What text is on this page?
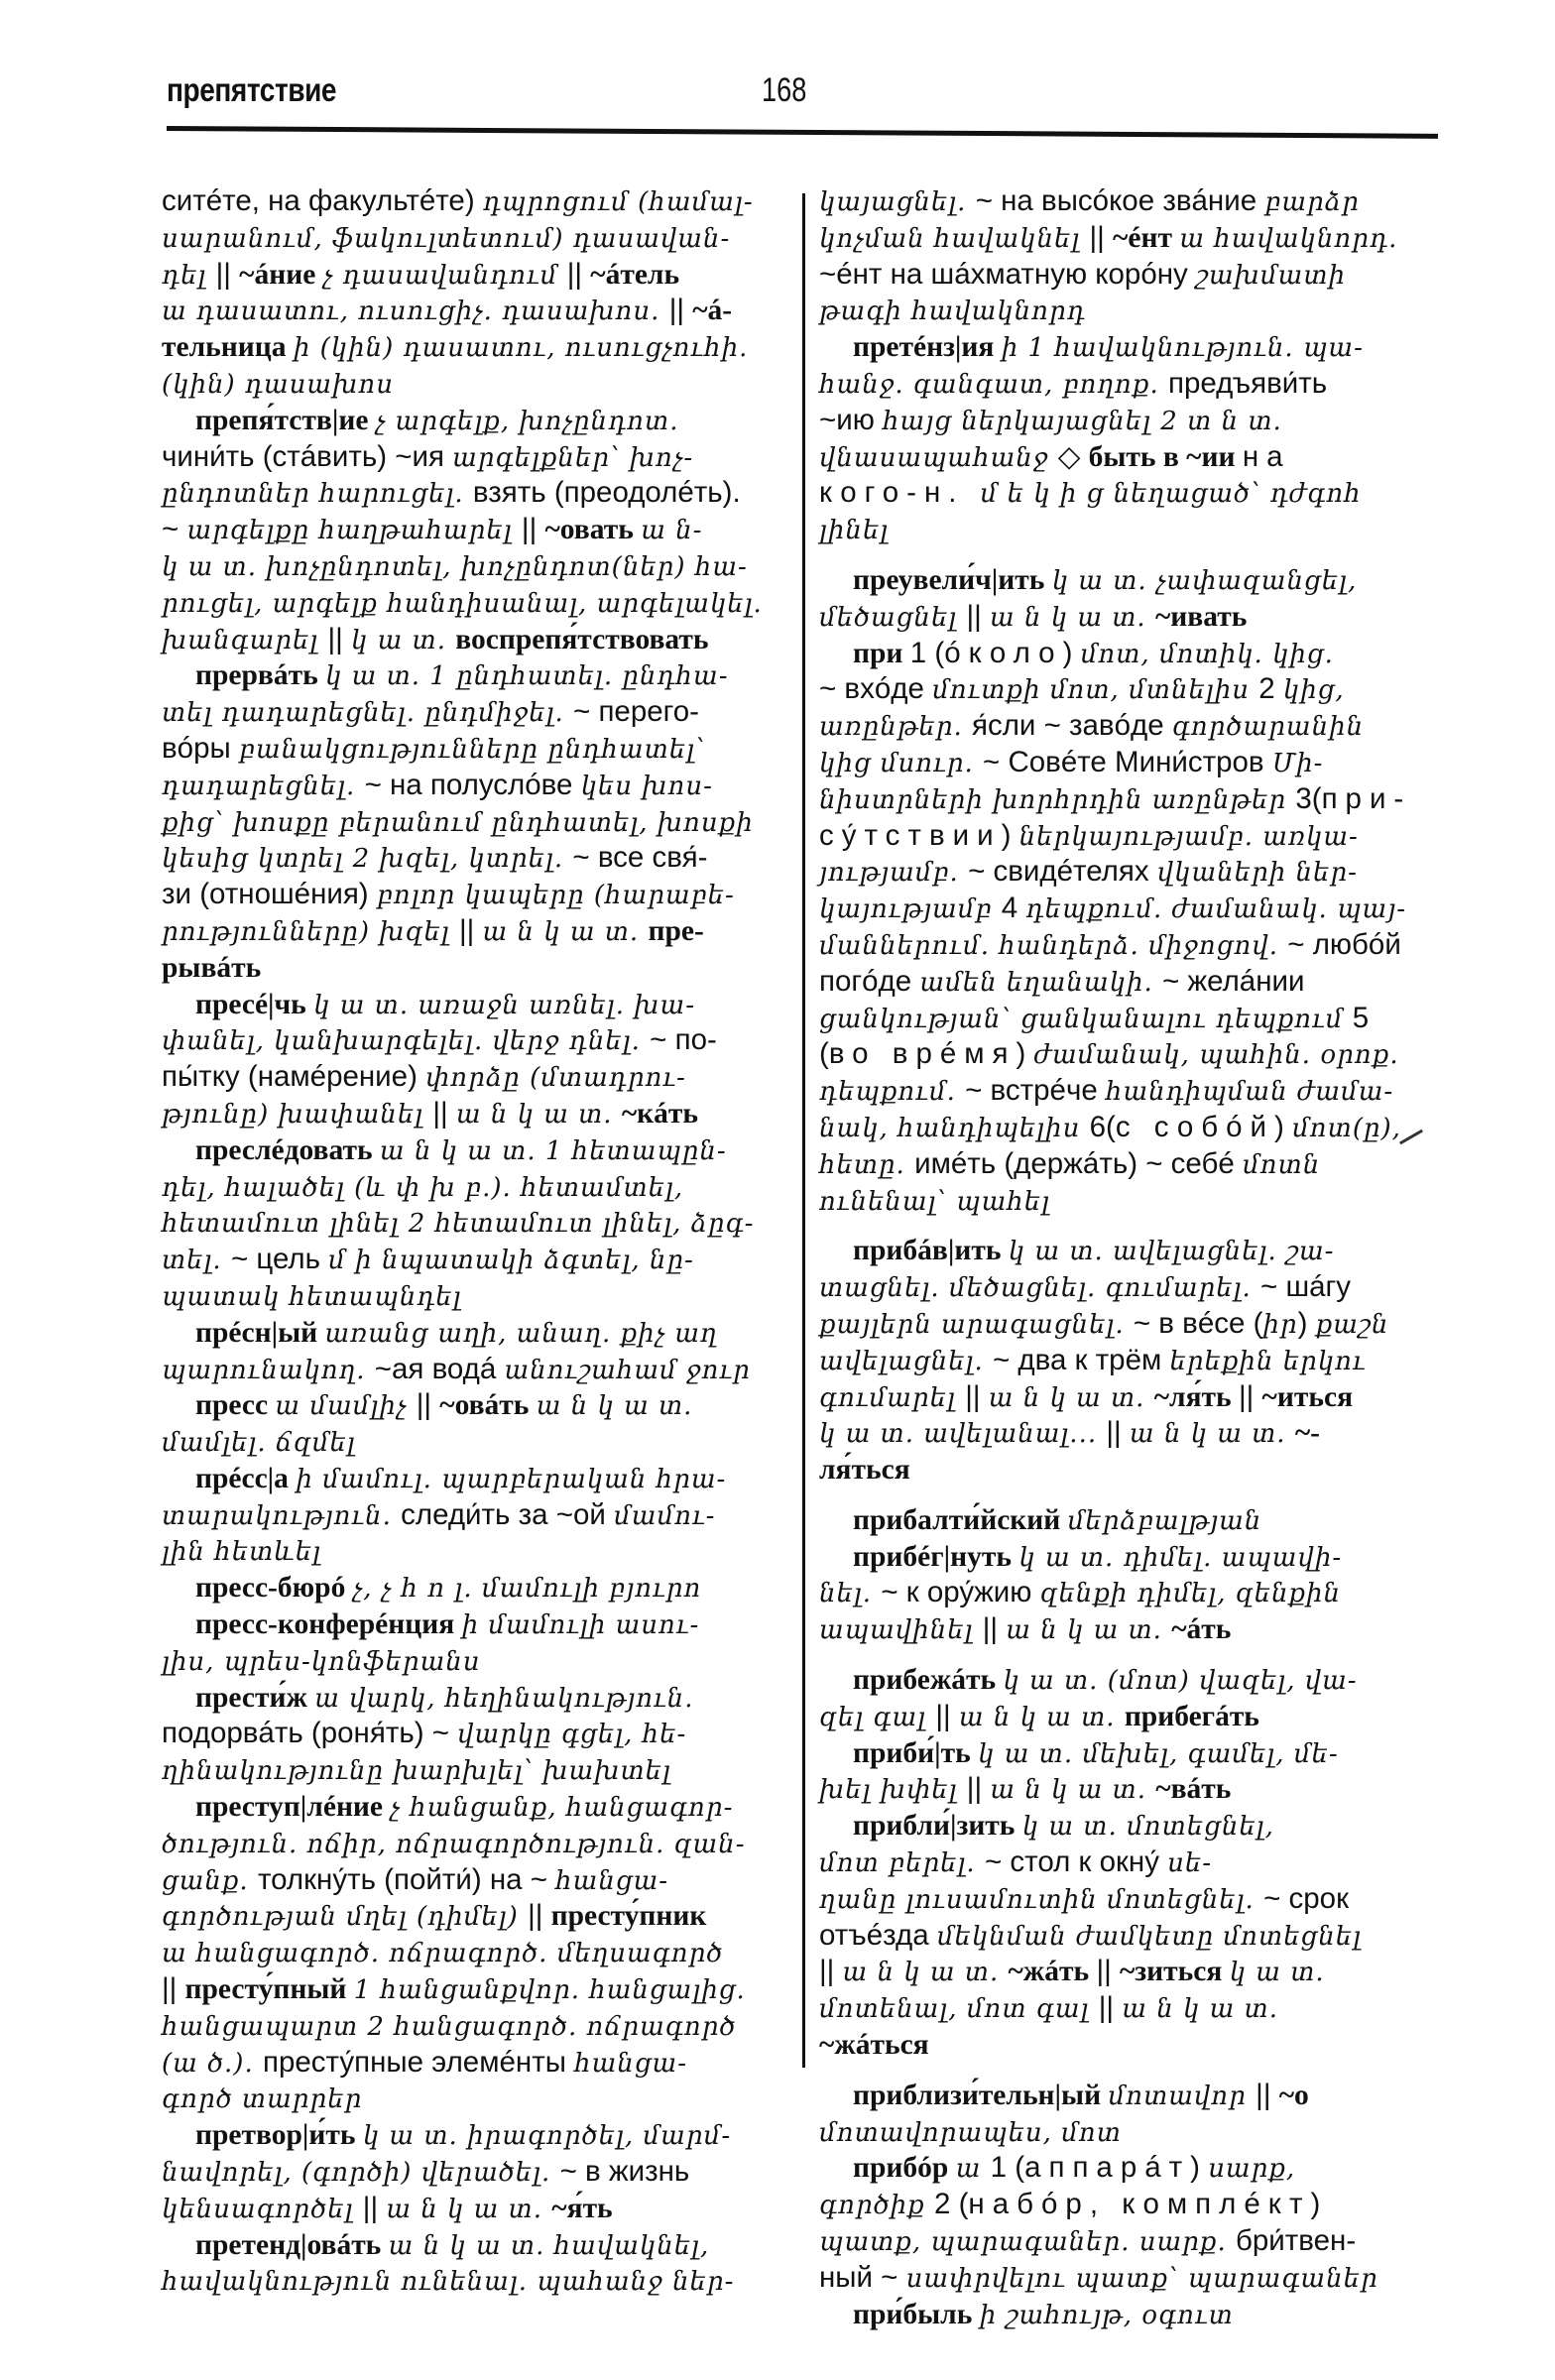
препятствие	168
ситéте, на факультéте) դպրոցում (համալ-
սարանում, ֆակուլտետում) դասավան-
դել || ~áние չ դասավանդում || ~áтель
ա դասատու, ուսուցիչ. դասախոս. || ~á-
тельница ի (կին) դասատու, ուսուցչուհի.
(կին) դասախոս
препя́тств|ие չ արգելք, խոչընդոտ.
чини́ть (стáвить) ~ия արգելքներ՝ խոչ-
ընդոտներ հարուցել. взять (преодолéть).
~ արգելքը հաղթահարել || ~овать ա ն-
կ ա տ. խոչընդոտել, խոչընդոտ(ներ) հա-
րուցել, արգելք հանդիսանալ, արգելակել.
խանգարել || կ ա տ. воспрепя́тствовать
прервáть կ ա տ. 1 ընդհատել. ընդհա-
տել դադարեցնել. ընդմիջել. ~ перего-
вóры բանակցությունները ընդհատել՝
դադարեցնել. ~ на полуслóве կես խոս-
քից՝ խոսքը բերանում ընդհատել, խոսքի
կեսից կտրել 2 խզել, կտրել. ~ все свя́-
зи (отношéния) բոլոր կապերը (հարաբե-
րությունները) խզել || ա ն կ ա տ. пре-
рывáть
пресé|чь կ ա տ. առաջն առնել. խա-
փանել, կանխարգելել. վերջ դնել. ~ по-
пы́тку (намéрение) փորձը (մտադրու-
թյունը) խափանել || ա ն կ ա տ. ~кáть
преслéдовать ա ն կ ա տ. 1 հետապըն-
դել, հալածել (և փ խ բ.). հետամտել,
հետամուտ լինել 2 հետամուտ լինել, ձըգ-
տել. ~ цель մ ի նպատակի ձգտել, նը-
պատակ հետապնդել
прéсн|ый առանց աղի, անաղ. քիչ աղ
պարունակող. ~ая водá անուշահամ ջուր
пресс ա մամլիչ || ~овáть ա ն կ ա տ.
մամլել. ճզմել
прéсс|а ի մամուլ. պարբերական հրա-
տարակություն. следи́ть за ~ой մամու-
լին հետևել
пресс-бюрó չ, չ հ ո լ. մամուլի բյուրո
пресс-конферéнция ի մամուլի ասու-
լիս, պրես-կոնֆերանս
прести́ж ա վարկ, հեղինակություն.
подорвáть (роня́ть) ~ վարկը գցել, հե-
ղինակությունը խարխլել՝ խախտել
преступ|лéние չ հանցանք, հանցագոր-
ծություն. ոճիր, ոճրագործություն. զան-
ցանք. толкну́ть (пойти́) на ~ հանցա-
գործության մղել (դիմել) || престу́пник
ա հանցագործ. ոճրագործ. մեղսագործ
|| престу́пный 1 հանցանքվոր. հանցալից.
հանցապարտ 2 հանցագործ. ոճրագործ
(ա ծ.). престу́пные элемéнты հանցա-
գործ տարրեր
претвор|и́ть կ ա տ. իրագործել, մարմ-
նավորել, (գործի) վերածել. ~ в жизнь
կենսագործել || ա ն կ ա տ. ~я́ть
претенд|овáть ա ն կ ա տ. հավակնել,
հավակնություն ունենալ. պահանջ ներ-
կայացնել. ~ на высóкое звáние բարձր
կոչման հավակնել || ~éнт ա հավակնորդ.
~éнт на шáхматную корóну շախմատի
թագի հավակնորդ
претéнз|ия ի 1 հավակնություն. պա-
հանջ. գանգատ, բողոք. предъяви́ть
~ию հայց ներկայացնել 2 տ ն տ.
վնասապահանջ ◇ быть в ~ии на
кого-н. մ ե կ ի ց նեղացած՝ դժգոհ
լինել
преувели́ч|ить կ ա տ. չափազանցել,
մեծացնել || ա ն կ ա տ. ~ивать
при 1 (óколо) մոտ, մոտիկ. կից.
~ вхóде մուտքի մոտ, մտնելիս 2 կից,
առընթեր. я́сли ~ завóде գործարանին
կից մսուր. ~ Совéте Мини́стров Մի-
նիստրների խորհրդին առընթեր 3(при-
су́тствии) ներկայությամբ. առկա-
յությամբ. ~ свидéтелях վկաների ներ-
կայությամբ 4 դեպքում. ժամանակ. պայ-
մաններում. հանդերձ. միջոցով. ~ любóй
погóде ամեն եղանակի. ~ желáнии
ցանկության՝ ցանկանալու դեպքում 5
(во врéмя) ժամանակ, պահին. օրոք.
դեպքում. ~ встрéче հանդիպման ժամա-
նակ, հանդիպելիս 6(с собóй) մոտ(ը),
հետը. имéть (держáть) ~ себé մոտն
ունենալ՝ պահել
прибáв|ить կ ա տ. ավելացնել. շա-
տացնել. մեծացնել. գումարել. ~ шáгу
քայլերն արագացնել. ~ в вéсе (իր) քաշն
ավելացնել. ~ два к трём երեքին երկու
գումարել || ա ն կ ա տ. ~ля́ть || ~иться
կ ա տ. ավելանալ... || ա ն կ ա տ. ~-
ля́ться
прибалти́йский մերձբալթյան
прибéг|нуть կ ա տ. դիմել. ապավի-
նել. ~ к ору́жию զենքի դիմել, զենքին
ապավինել || ա ն կ ա տ. ~áть
прибежáть կ ա տ. (մոտ) վազել, վա-
զել գալ || ա ն կ ա տ. прибегáть
приби́|ть կ ա տ. մեխել, գամել, մե-
խել խփել || ա ն կ ա տ. ~вáть
прибли́|зить կ ա տ. մոտեցնել,
մոտ բերել. ~ стол к окну́ սե-
ղանը լուսամուտին մոտեցնել. ~ срок
отъéзда մեկնման ժամկետը մոտեցնել
|| ա ն կ ա տ. ~жáть || ~зиться կ ա տ.
մոտենալ, մոտ գալ || ա ն կ ա տ.
~жáться
приблизи́тельн|ый մոտավոր || ~о
մոտավորապես, մոտ
прибóр ա 1 (аппарáт) սարք,
գործիք 2 (набóр, комплéкт)
պատք, պարագաներ. սարք. бри́твен-
ный ~ սափրվելու պատք՝ պարագաներ
при́быль ի շահույթ, օգուտ
